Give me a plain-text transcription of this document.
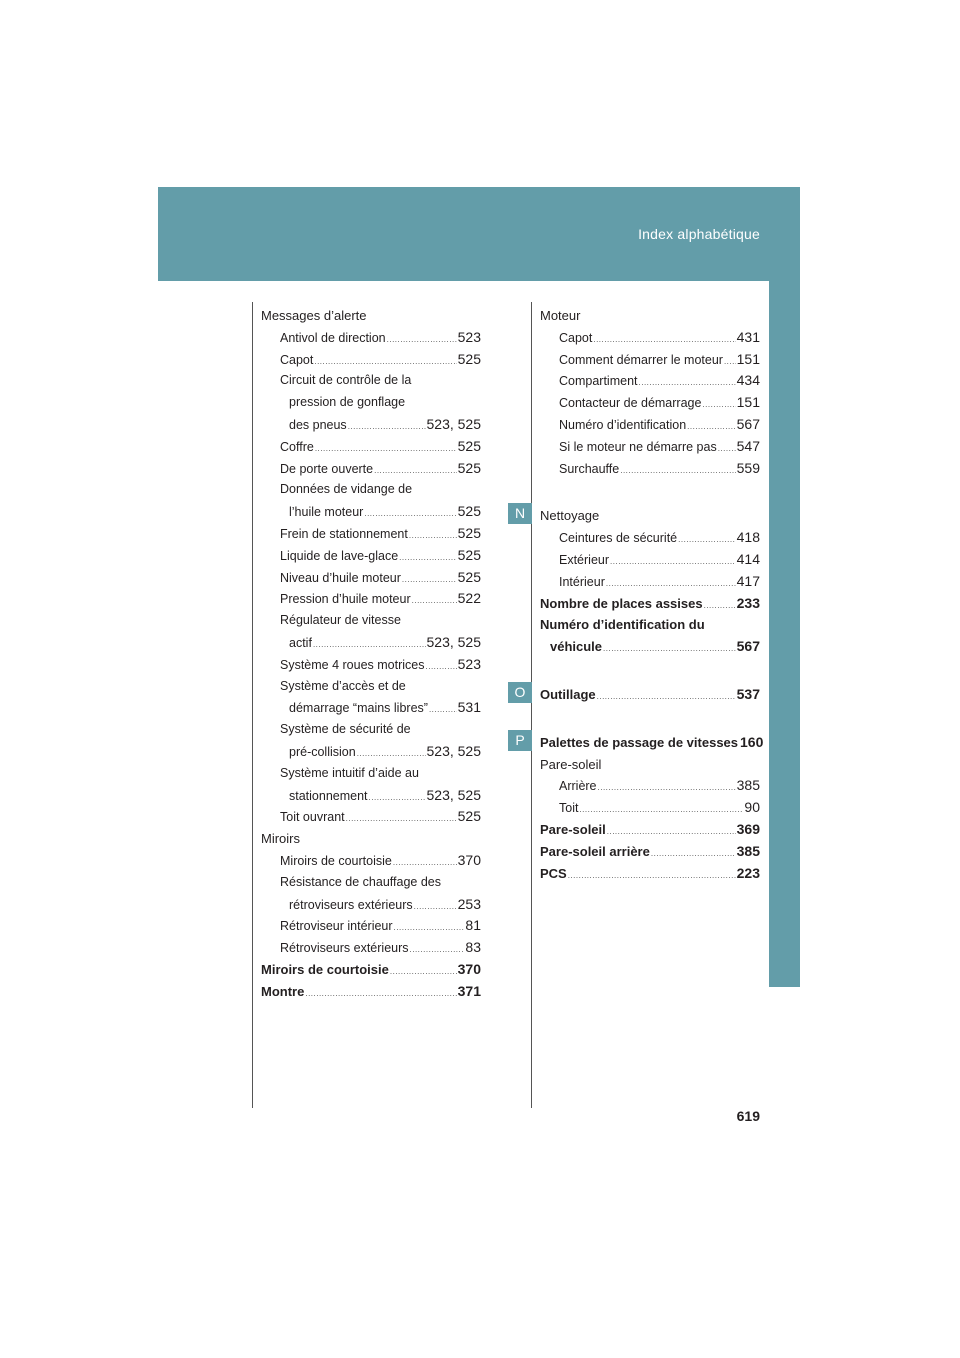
Index alphabétique
Messages d’alerte
Antivol de direction .....	523
Capot .....	525
Circuit de contrôle de la
pression de gonflage
des pneus .....	523, 525
Coffre .....	525
De porte ouverte .....	525
Données de vidange de
l’huile moteur .....	525
Frein de stationnement .....	525
Liquide de lave-glace .....	525
Niveau d’huile moteur .....	525
Pression d’huile moteur .....	522
Régulateur de vitesse
actif .....	523, 525
Système 4 roues motrices ..... 523
Système d’accès et de
démarrage “mains libres” ..... 531
Système de sécurité de
pré-collision .....	523, 525
Système intuitif d’aide au
stationnement .....	523, 525
Toit ouvrant .....	525
Miroirs
Miroirs de courtoisie .....	370
Résistance de chauffage des
rétroviseurs extérieurs .....	253
Rétroviseur intérieur .....	81
Rétroviseurs extérieurs .....	83
Miroirs de courtoisie .....	370
Montre .....	371
Moteur
Capot .....	431
Comment démarrer le moteur ..... 151
Compartiment .....	434
Contacteur de démarrage .....	151
Numéro d’identification .....	567
Si le moteur ne démarre pas ..... 547
Surchauffe .....	559
Nettoyage
Ceintures de sécurité .....	418
Extérieur .....	414
Intérieur .....	417
Nombre de places assises ..... 233
Numéro d’identification du
véhicule .....	567
Outillage .....	537
Palettes de passage de vitesses 160
Pare-soleil
Arrière .....	385
Toit .....	90
Pare-soleil .....	369
Pare-soleil arrière .....	385
PCS .....	223
619
N
O
P
